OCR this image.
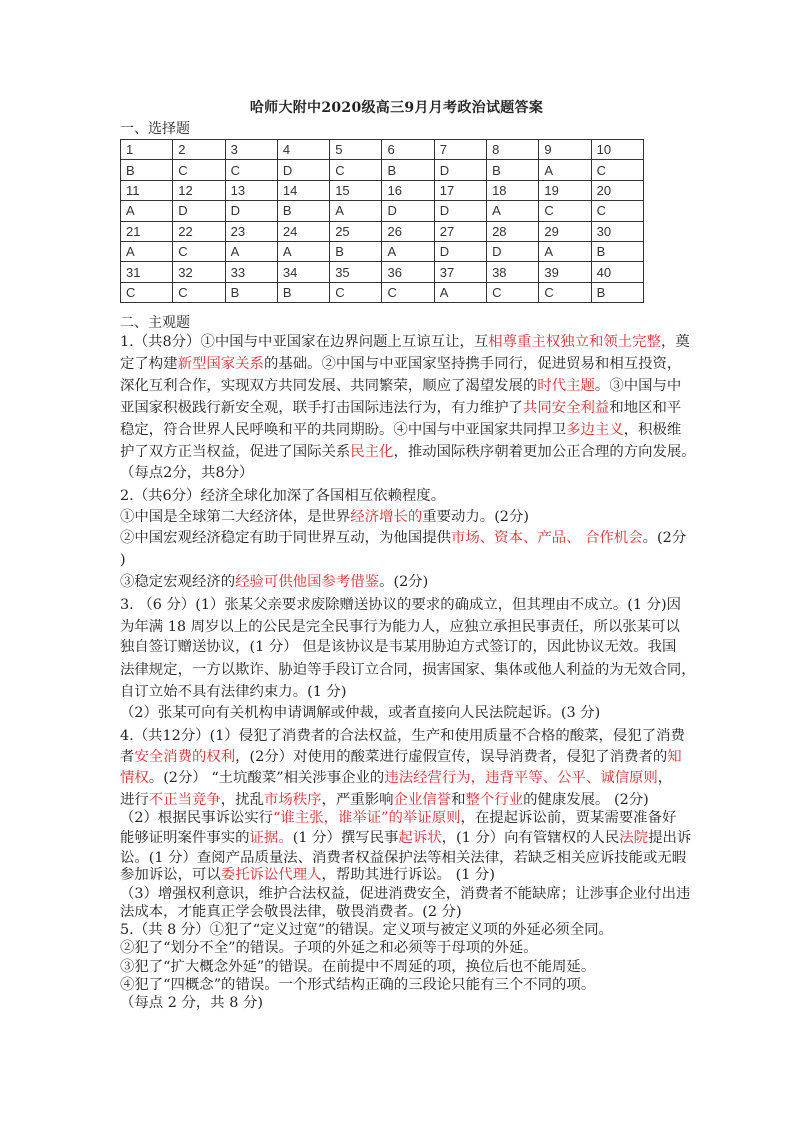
哈师大附中2020级高三9月月考政治试题答案
一、选择题
1	2	3	4	5	6	7	8	9	10
B	C	C	D	C	B	D	B	A	C
11	12	13	14	15	16	17	18	19	20
A	D	D	B	A	D	D	A	C	C
21	22	23	24	25	26	27	28	29	30
A	C	A	A	B	A	D	D	A	B
31	32	33	34	35	36	37	38	39	40
C	C	B	B	C	C	A	C	C	B
二、主观题
1.（共8分）①中国与中亚国家在边界问题上互谅互让，互相尊重主权独立和领土完整，奠
定了构建新型国家关系的基础。②中国与中亚国家坚持携手同行，促进贸易和相互投资，
深化互利合作，实现双方共同发展、共同繁荣，顺应了渴望发展的时代主题。③中国与中
亚国家积极践行新安全观，联手打击国际违法行为，有力维护了共同安全利益和地区和平
稳定，符合世界人民呼唤和平的共同期盼。④中国与中亚国家共同捍卫多边主义，积极维
护了双方正当权益，促进了国际关系民主化，推动国际秩序朝着更加公正合理的方向发展。
（每点2分，共8分）
2.（共6分）经济全球化加深了各国相互依赖程度。
①中国是全球第二大经济体，是世界经济增长的重要动力。(2分)
②中国宏观经济稳定有助于同世界互动，为他国提供市场、资本、产品、 合作机会。(2分
)
③稳定宏观经济的经验可供他国参考借鉴。(2分)
3. （6 分）(1）张某父亲要求废除赠送协议的要求的确成立，但其理由不成立。(1 分)因
为年满 18 周岁以上的公民是完全民事行为能力人，应独立承担民事责任，所以张某可以
独自签订赠送协议，(1 分） 但是该协议是韦某用胁迫方式签订的，因此协议无效。我国
法律规定，一方以欺诈、胁迫等手段订立合同，损害国家、集体或他人利益的为无效合同，
自订立始不具有法律约束力。(1 分)
（2）张某可向有关机构申请调解或仲裁，或者直接向人民法院起诉。(3 分)
4.（共12分）(1）侵犯了消费者的合法权益，生产和使用质量不合格的酸菜，侵犯了消费
者安全消费的权利，(2分）对使用的酸菜进行虚假宣传，误导消费者，侵犯了消费者的知
情权。(2分） “土坑酸菜”相关涉事企业的违法经营行为，违背平等、公平、诚信原则，
进行不正当竞争，扰乱市场秩序，严重影响企业信誉和整个行业的健康发展。 (2分)
（2）根据民事诉讼实行“谁主张，谁举证”的举证原则，在提起诉讼前，贾某需要准备好
能够证明案件事实的证据。(1 分）撰写民事起诉状，(1 分）向有管辖权的人民法院提出诉
讼。(1 分）查阅产品质量法、消费者权益保护法等相关法律，若缺乏相关应诉技能或无暇
参加诉讼，可以委托诉讼代理人，帮助其进行诉讼。 (1 分)
（3）增强权利意识，维护合法权益，促进消费安全，消费者不能缺席；让涉事企业付出违
法成本，才能真正学会敬畏法律，敬畏消费者。(2 分)
5.（共 8 分）①犯了“定义过宽”的错误。定义项与被定义项的外延必须全同。
②犯了“划分不全”的错误。子项的外延之和必须等于母项的外延。
③犯了“扩大概念外延”的错误。在前提中不周延的项，换位后也不能周延。
④犯了“四概念”的错误。一个形式结构正确的三段论只能有三个不同的项。
（每点 2 分，共 8 分)
